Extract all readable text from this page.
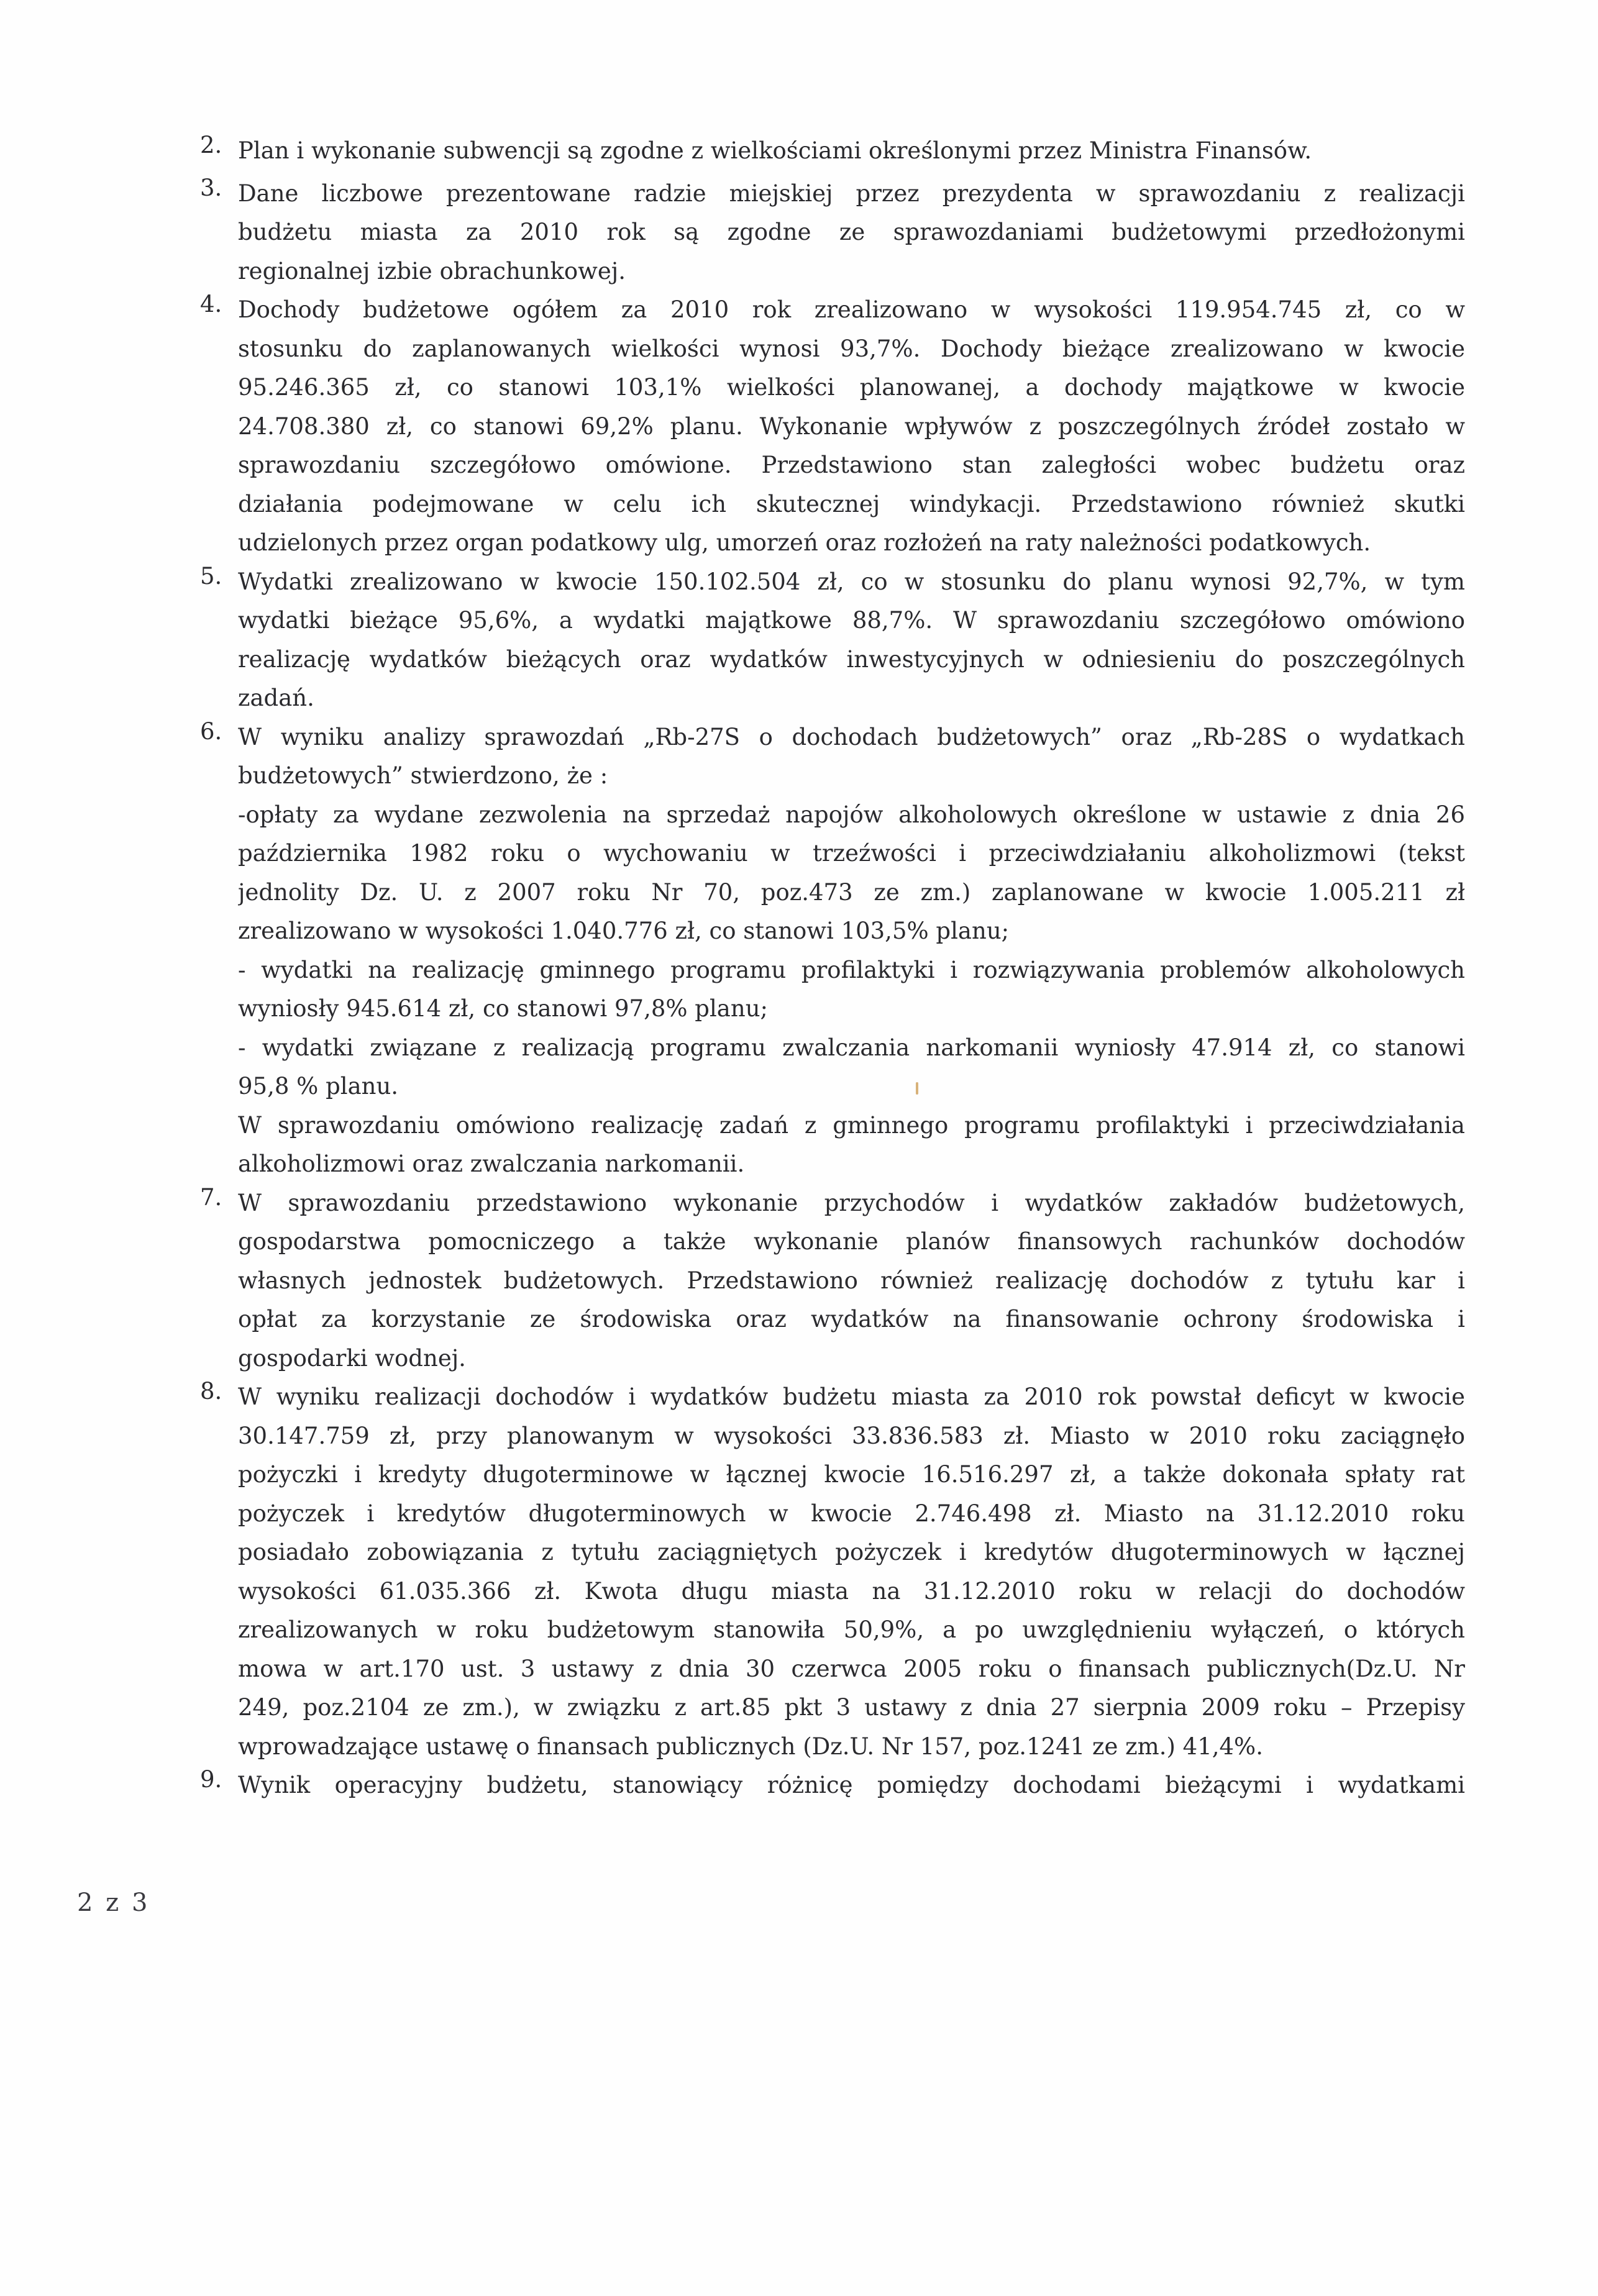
2. Plan i wykonanie subwencji są zgodne z wielkościami określonymi przez Ministra Finansów.
3. Dane liczbowe prezentowane radzie miejskiej przez prezydenta w sprawozdaniu z realizacji
budżetu miasta za 2010 rok są zgodne ze sprawozdaniami budżetowymi przedłożonymi
regionalnej izbie obrachunkowej.
4. Dochody budżetowe ogółem za 2010 rok zrealizowano w wysokości 119.954.745 zł, co w
stosunku do zaplanowanych wielkości wynosi 93,7%. Dochody bieżące zrealizowano w kwocie
95.246.365 zł, co stanowi 103,1% wielkości planowanej, a dochody majątkowe w kwocie
24.708.380 zł, co stanowi 69,2% planu. Wykonanie wpływów z poszczególnych źródeł zostało w
sprawozdaniu szczegółowo omówione. Przedstawiono stan zaległości wobec budżetu oraz
działania podejmowane w celu ich skutecznej windykacji. Przedstawiono również skutki
udzielonych przez organ podatkowy ulg, umorzeń oraz rozłożeń na raty należności podatkowych.
5. Wydatki zrealizowano w kwocie 150.102.504 zł, co w stosunku do planu wynosi 92,7%, w tym
wydatki bieżące 95,6%, a wydatki majątkowe 88,7%. W sprawozdaniu szczegółowo omówiono
realizację wydatków bieżących oraz wydatków inwestycyjnych w odniesieniu do poszczególnych
zadań.
6. W wyniku analizy sprawozdań „Rb-27S o dochodach budżetowych” oraz „Rb-28S o wydatkach
budżetowych” stwierdzono, że :
-opłaty za wydane zezwolenia na sprzedaż napojów alkoholowych określone w ustawie z dnia 26
października 1982 roku o wychowaniu w trzeźwości i przeciwdziałaniu alkoholizmowi (tekst
jednolity Dz. U. z 2007 roku Nr 70, poz.473 ze zm.) zaplanowane w kwocie 1.005.211 zł
zrealizowano w wysokości 1.040.776 zł, co stanowi 103,5% planu;
- wydatki na realizację gminnego programu profilaktyki i rozwiązywania problemów alkoholowych
wyniosły 945.614 zł, co stanowi 97,8% planu;
- wydatki związane z realizacją programu zwalczania narkomanii wyniosły 47.914 zł, co stanowi
95,8 % planu.
W sprawozdaniu omówiono realizację zadań z gminnego programu profilaktyki i przeciwdziałania
alkoholizmowi oraz zwalczania narkomanii.
7. W sprawozdaniu przedstawiono wykonanie przychodów i wydatków zakładów budżetowych,
gospodarstwa pomocniczego a także wykonanie planów finansowych rachunków dochodów
własnych jednostek budżetowych. Przedstawiono również realizację dochodów z tytułu kar i
opłat za korzystanie ze środowiska oraz wydatków na finansowanie ochrony środowiska i
gospodarki wodnej.
8. W wyniku realizacji dochodów i wydatków budżetu miasta za 2010 rok powstał deficyt w kwocie
30.147.759 zł, przy planowanym w wysokości 33.836.583 zł. Miasto w 2010 roku zaciągnęło
pożyczki i kredyty długoterminowe w łącznej kwocie 16.516.297 zł, a także dokonała spłaty rat
pożyczek i kredytów długoterminowych w kwocie 2.746.498 zł. Miasto na 31.12.2010 roku
posiadało zobowiązania z tytułu zaciągniętych pożyczek i kredytów długoterminowych w łącznej
wysokości 61.035.366 zł. Kwota długu miasta na 31.12.2010 roku w relacji do dochodów
zrealizowanych w roku budżetowym stanowiła 50,9%, a po uwzględnieniu wyłączeń, o których
mowa w art.170 ust. 3 ustawy z dnia 30 czerwca 2005 roku o finansach publicznych(Dz.U. Nr
249, poz.2104 ze zm.), w związku z art.85 pkt 3 ustawy z dnia 27 sierpnia 2009 roku – Przepisy
wprowadzające ustawę o finansach publicznych (Dz.U. Nr 157, poz.1241 ze zm.) 41,4%.
9. Wynik operacyjny budżetu, stanowiący różnicę pomiędzy dochodami bieżącymi i wydatkami
2 z 3
